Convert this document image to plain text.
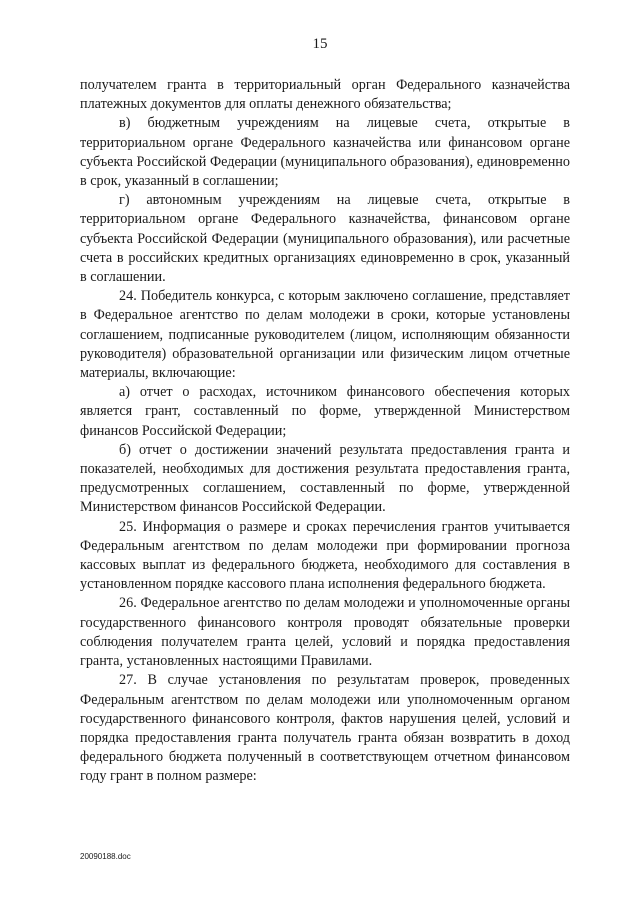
15

получателем гранта в территориальный орган Федерального казначейства платежных документов для оплаты денежного обязательства;

в) бюджетным учреждениям на лицевые счета, открытые в территориальном органе Федерального казначейства или финансовом органе субъекта Российской Федерации (муниципального образования), единовременно в срок, указанный в соглашении;

г) автономным учреждениям на лицевые счета, открытые в территориальном органе Федерального казначейства, финансовом органе субъекта Российской Федерации (муниципального образования), или расчетные счета в российских кредитных организациях единовременно в срок, указанный в соглашении.

24. Победитель конкурса, с которым заключено соглашение, представляет в Федеральное агентство по делам молодежи в сроки, которые установлены соглашением, подписанные руководителем (лицом, исполняющим обязанности руководителя) образовательной организации или физическим лицом отчетные материалы, включающие:

а) отчет о расходах, источником финансового обеспечения которых является грант, составленный по форме, утвержденной Министерством финансов Российской Федерации;

б) отчет о достижении значений результата предоставления гранта и показателей, необходимых для достижения результата предоставления гранта, предусмотренных соглашением, составленный по форме, утвержденной Министерством финансов Российской Федерации.

25. Информация о размере и сроках перечисления грантов учитывается Федеральным агентством по делам молодежи при формировании прогноза кассовых выплат из федерального бюджета, необходимого для составления в установленном порядке кассового плана исполнения федерального бюджета.

26. Федеральное агентство по делам молодежи и уполномоченные органы государственного финансового контроля проводят обязательные проверки соблюдения получателем гранта целей, условий и порядка предоставления гранта, установленных настоящими Правилами.

27. В случае установления по результатам проверок, проведенных Федеральным агентством по делам молодежи или уполномоченным органом государственного финансового контроля, фактов нарушения целей, условий и порядка предоставления гранта получатель гранта обязан возвратить в доход федерального бюджета полученный в соответствующем отчетном финансовом году грант в полном размере:

20090188.doc
